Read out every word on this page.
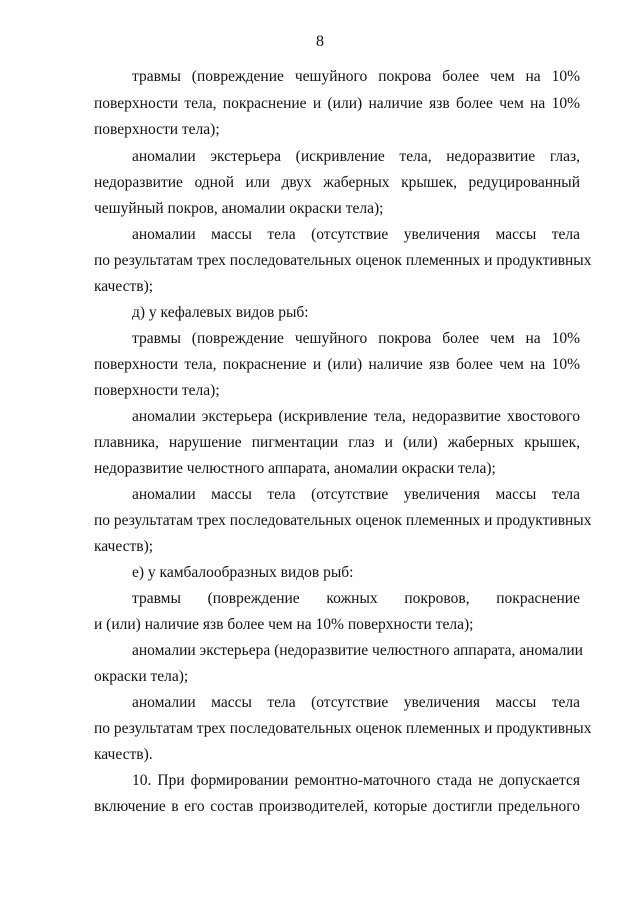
8

травмы (повреждение чешуйного покрова более чем на 10%

поверхности тела, покраснение и (или) наличие язв более чем на 10%

поверхности тела);

аномалии экстерьера (искривление тела, недоразвитие глаз,

недоразвитие одной или двух жаберных крышек, редуцированный

чешуйный покров, аномалии окраски тела);

аномалии массы тела (отсутствие увеличения массы тела

по результатам трех последовательных оценок племенных и продуктивных

качеств);

д) у кефалевых видов рыб:

травмы (повреждение чешуйного покрова более чем на 10%

поверхности тела, покраснение и (или) наличие язв более чем на 10%

поверхности тела);

аномалии экстерьера (искривление тела, недоразвитие хвостового

плавника, нарушение пигментации глаз и (или) жаберных крышек,

недоразвитие челюстного аппарата, аномалии окраски тела);

аномалии массы тела (отсутствие увеличения массы тела

по результатам трех последовательных оценок племенных и продуктивных

качеств);

е) у камбалообразных видов рыб:

травмы (повреждение кожных покровов, покраснение

и (или) наличие язв более чем на 10% поверхности тела);

аномалии экстерьера (недоразвитие челюстного аппарата, аномалии

окраски тела);

аномалии массы тела (отсутствие увеличения массы тела

по результатам трех последовательных оценок племенных и продуктивных

качеств).

10. При формировании ремонтно-маточного стада не допускается

включение в его состав производителей, которые достигли предельного
